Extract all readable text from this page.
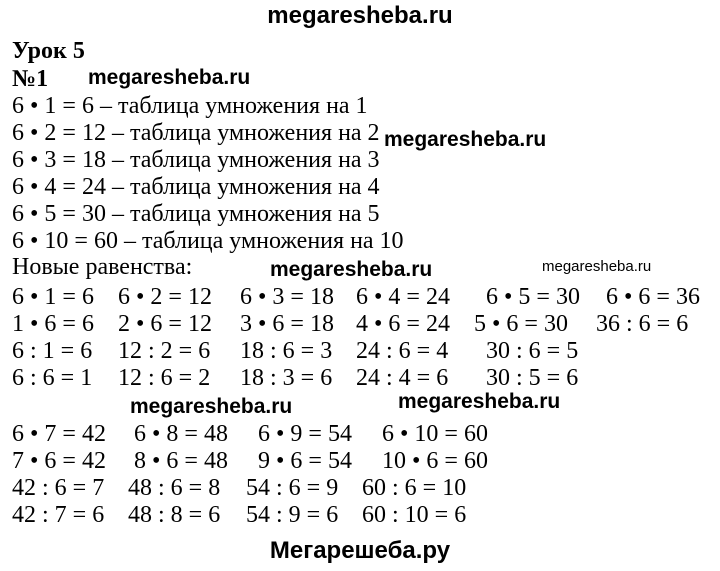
megaresheba.ru
megaresheba.ru
megaresheba.ru
megaresheba.ru	megaresheba.ru
megaresheba.ru	megaresheba.ru
Мегарешеба.ру
Урок 5
№1
6 • 1 = 6 – таблица умножения на 1
6 • 2 = 12 – таблица умножения на 2
6 • 3 = 18 – таблица умножения на 3
6 • 4 = 24 – таблица умножения на 4
6 • 5 = 30 – таблица умножения на 5
6 • 10 = 60 – таблица умножения на 10
Новые равенства:
6 • 1 = 6 6 • 2 = 12 6 • 3 = 18 6 • 4 = 24 6 • 5 = 30 6 • 6 = 36
1 • 6 = 6 2 • 6 = 12 3 • 6 = 18 4 • 6 = 24 5 • 6 = 30 36 : 6 = 6
6 : 1 = 6 12 : 2 = 6 18 : 6 = 3 24 : 6 = 4 30 : 6 = 5
6 : 6 = 1 12 : 6 = 2 18 : 3 = 6 24 : 4 = 6 30 : 5 = 6
6 • 7 = 42 6 • 8 = 48 6 • 9 = 54 6 • 10 = 60
7 • 6 = 42 8 • 6 = 48 9 • 6 = 54 10 • 6 = 60
42 : 6 = 7 48 : 6 = 8 54 : 6 = 9 60 : 6 = 10
42 : 7 = 6 48 : 8 = 6 54 : 9 = 6 60 : 10 = 6
